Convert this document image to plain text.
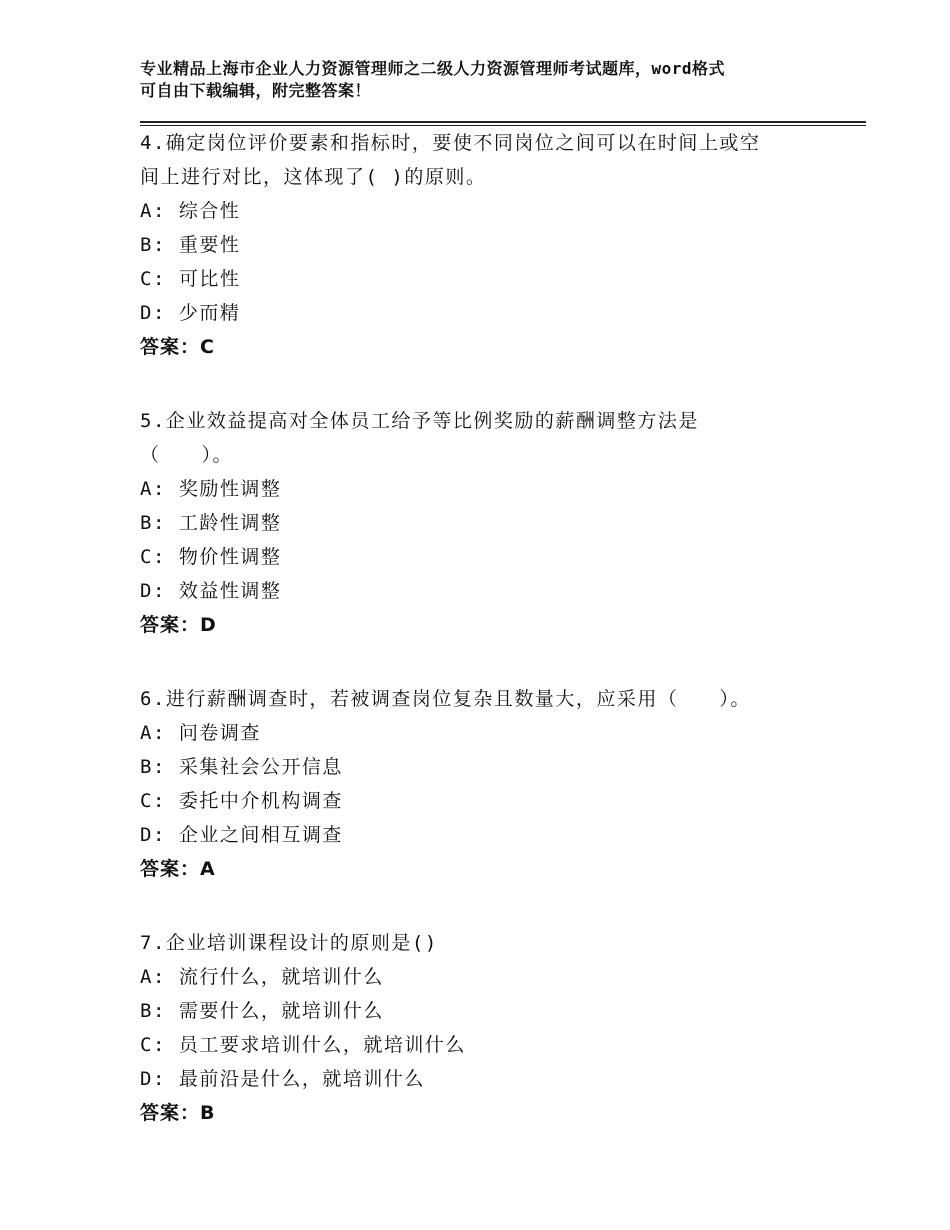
专业精品上海市企业人力资源管理师之二级人力资源管理师考试题库，word格式
可自由下载编辑，附完整答案！
4.确定岗位评价要素和指标时，要使不同岗位之间可以在时间上或空
间上进行对比，这体现了( )的原则。
A: 综合性
B: 重要性
C: 可比性
D: 少而精
答案：C
5.企业效益提高对全体员工给予等比例奖励的薪酬调整方法是
（　　）。
A: 奖励性调整
B: 工龄性调整
C: 物价性调整
D: 效益性调整
答案：D
6.进行薪酬调查时，若被调查岗位复杂且数量大，应采用（　　）。
A: 问卷调查
B: 采集社会公开信息
C: 委托中介机构调查
D: 企业之间相互调查
答案：A
7.企业培训课程设计的原则是()
A: 流行什么，就培训什么
B: 需要什么，就培训什么
C: 员工要求培训什么，就培训什么
D: 最前沿是什么，就培训什么
答案：B
